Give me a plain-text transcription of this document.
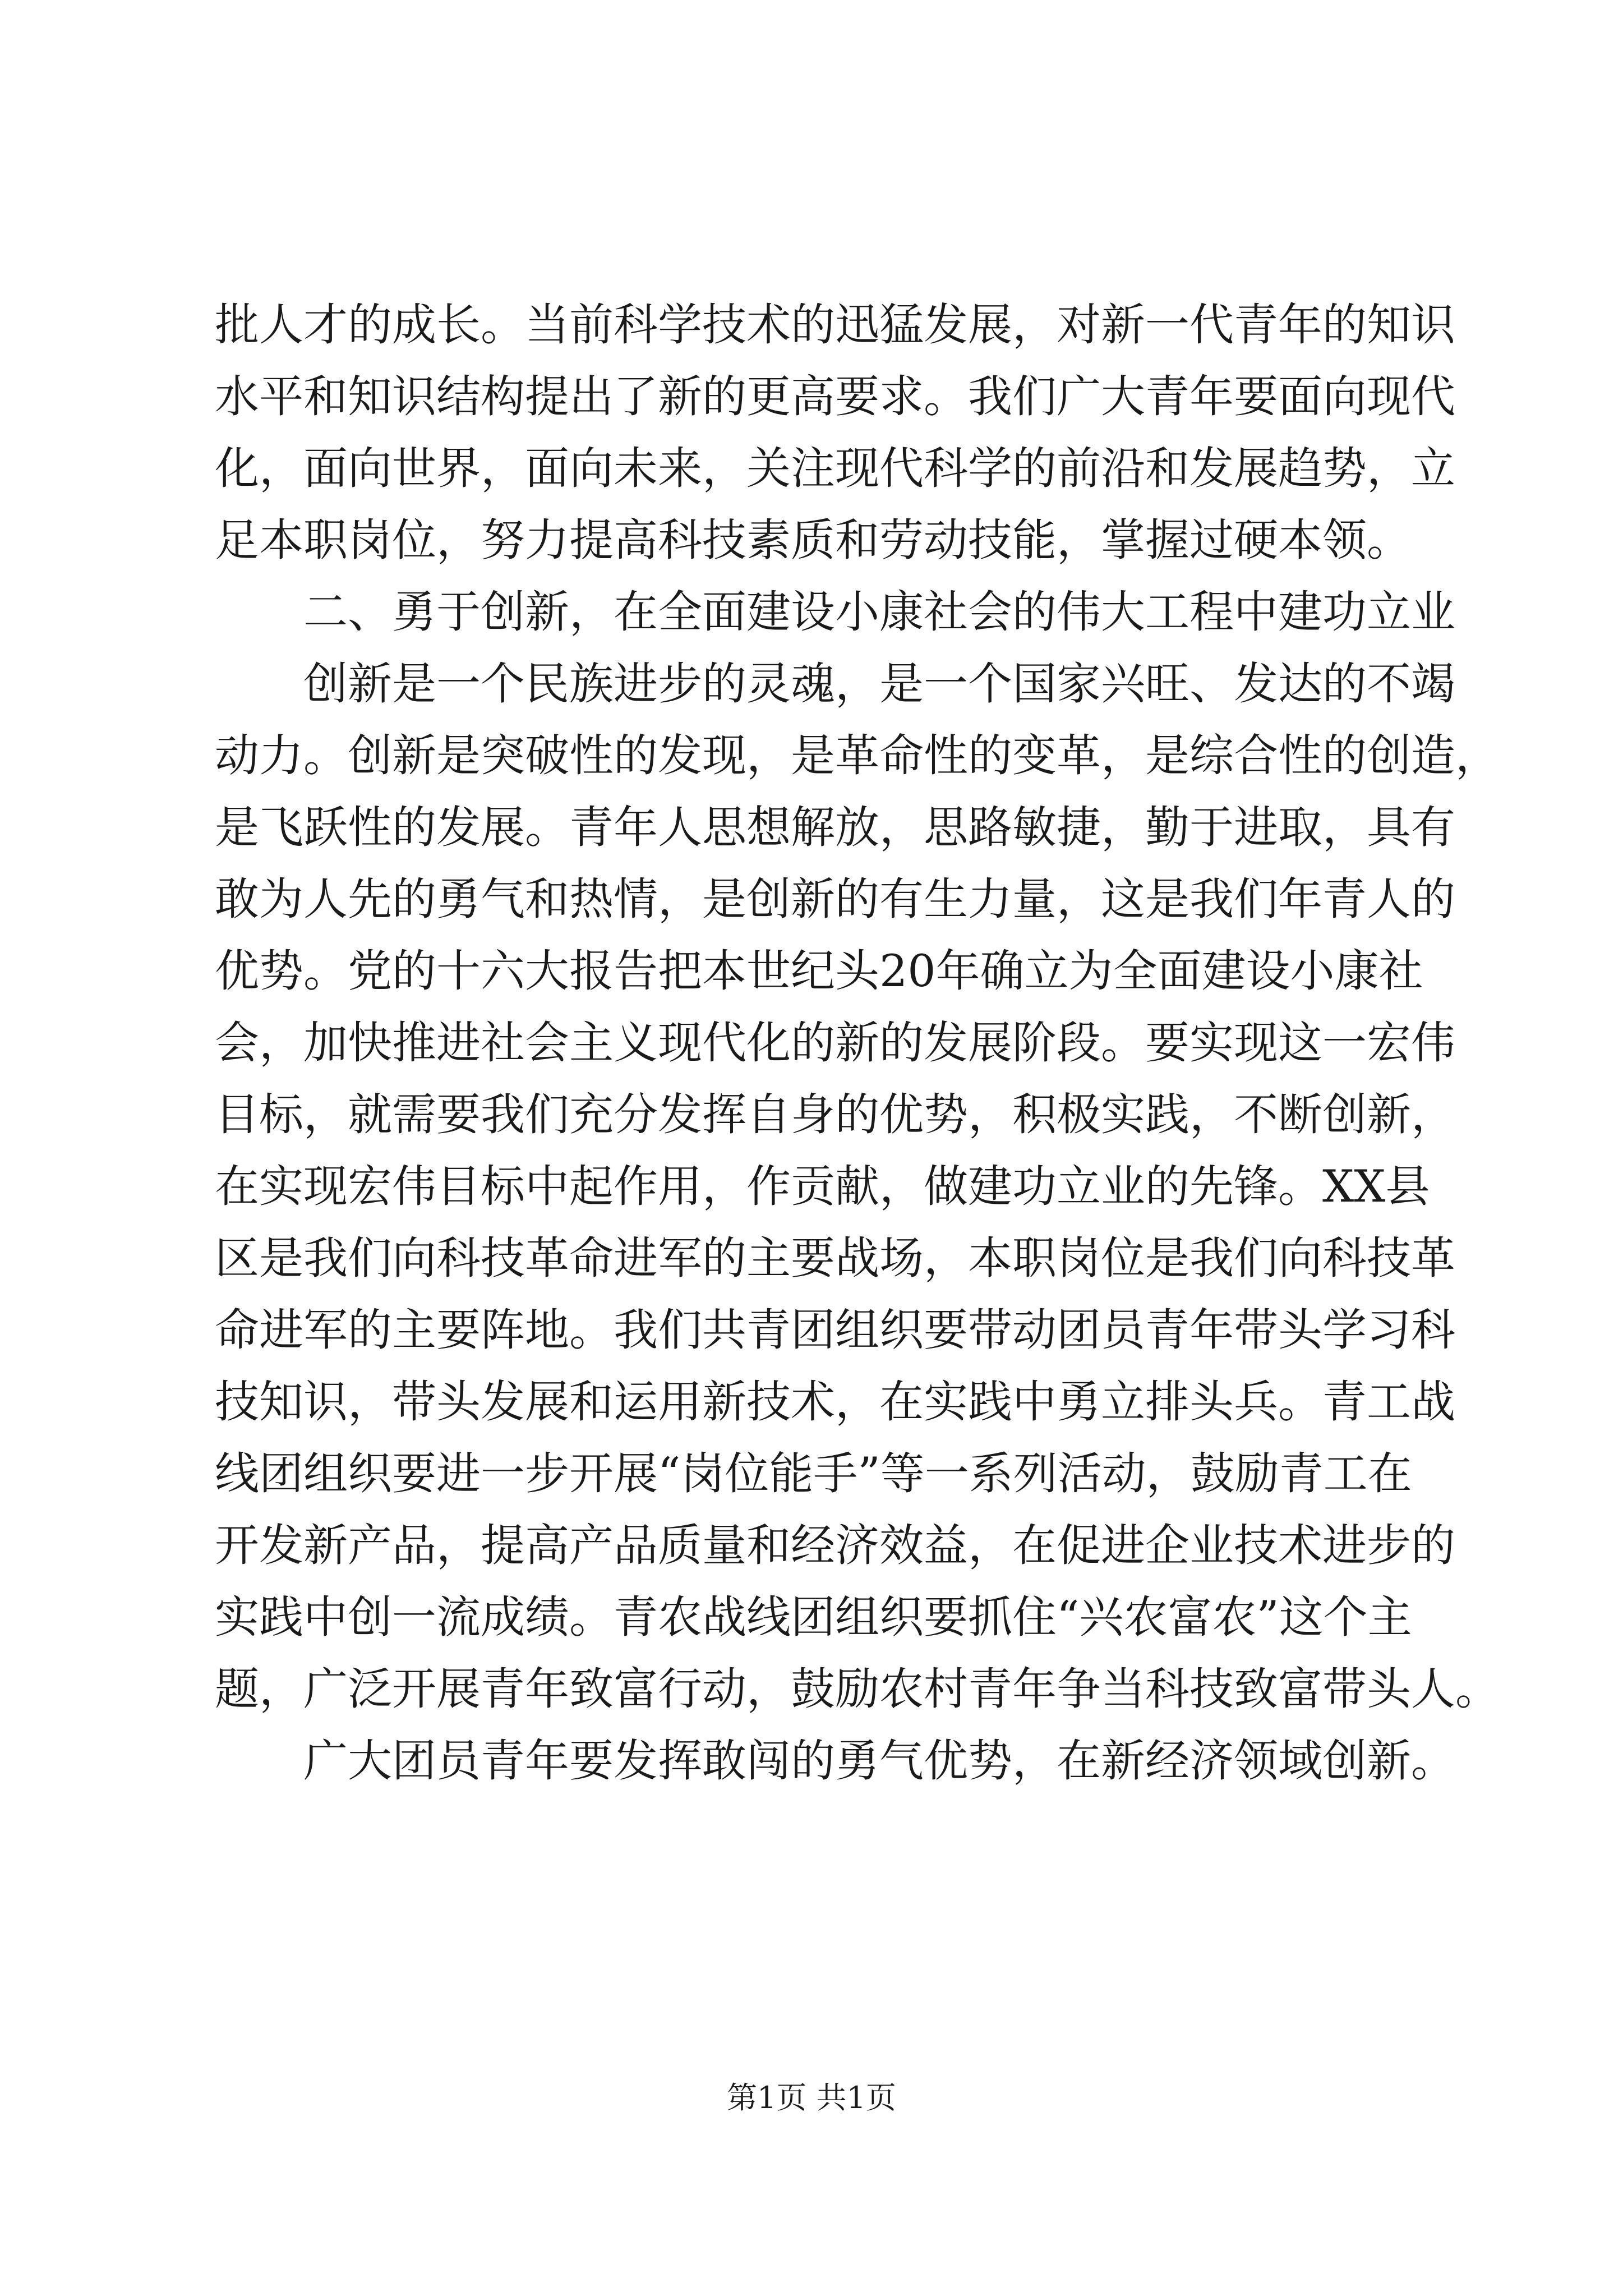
批人才的成长。当前科学技术的迅猛发展，对新一代青年的知识
水平和知识结构提出了新的更高要求。我们广大青年要面向现代
化，面向世界，面向未来，关注现代科学的前沿和发展趋势，立
足本职岗位，努力提高科技素质和劳动技能，掌握过硬本领。
二、勇于创新，在全面建设小康社会的伟大工程中建功立业
创新是一个民族进步的灵魂，是一个国家兴旺、发达的不竭
动力。创新是突破性的发现，是革命性的变革，是综合性的创造，
是飞跃性的发展。青年人思想解放，思路敏捷，勤于进取，具有
敢为人先的勇气和热情，是创新的有生力量，这是我们年青人的
优势。党的十六大报告把本世纪头20年确立为全面建设小康社
会，加快推进社会主义现代化的新的发展阶段。要实现这一宏伟
目标，就需要我们充分发挥自身的优势，积极实践，不断创新，
在实现宏伟目标中起作用，作贡献，做建功立业的先锋。XX县
区是我们向科技革命进军的主要战场，本职岗位是我们向科技革
命进军的主要阵地。我们共青团组织要带动团员青年带头学习科
技知识，带头发展和运用新技术，在实践中勇立排头兵。青工战
线团组织要进一步开展“岗位能手”等一系列活动，鼓励青工在
开发新产品，提高产品质量和经济效益，在促进企业技术进步的
实践中创一流成绩。青农战线团组织要抓住“兴农富农”这个主
题，广泛开展青年致富行动，鼓励农村青年争当科技致富带头人。
广大团员青年要发挥敢闯的勇气优势，在新经济领域创新。
第1页 共1页
